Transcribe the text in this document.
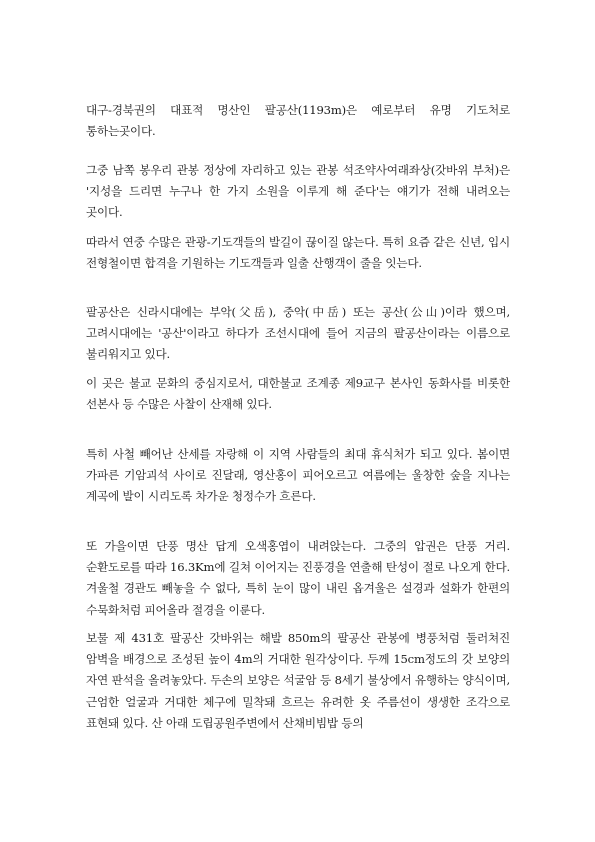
대구-경북권의 대표적 명산인 팔공산(1193m)은 예로부터 유명 기도처로 통하는곳이다.

그중 남쪽 봉우리 관봉 정상에 자리하고 있는 관봉 석조약사여래좌상(갓바위 부처)은 '지성을 드리면 누구나 한 가지 소원을 이루게 해 준다'는 얘기가 전해 내려오는 곳이다.

따라서 연중 수많은 관광-기도객들의 발길이 끊이질 않는다. 특히 요즘 같은 신년, 입시 전형철이면 합격을 기원하는 기도객들과 일출 산행객이 줄을 잇는다.

팔공산은 신라시대에는 부악(父岳), 중악(中岳) 또는 공산(公山)이라 했으며, 고려시대에는 '공산'이라고 하다가 조선시대에 들어 지금의 팔공산이라는 이름으로 불리워지고 있다.

이 곳은 불교 문화의 중심지로서, 대한불교 조계종 제9교구 본사인 동화사를 비롯한 선본사 등 수많은 사찰이 산재해 있다.

특히 사철 빼어난 산세를 자랑해 이 지역 사람들의 최대 휴식처가 되고 있다. 봄이면 가파른 기암괴석 사이로 진달래, 영산홍이 피어오르고 여름에는 울창한 숲을 지나는 계곡에 발이 시리도록 차가운 청정수가 흐른다.

또 가을이면 단풍 명산 답게 오색홍엽이 내려앉는다. 그중의 압권은 단풍 거리. 순환도로를 따라 16.3Km에 길쳐 이어지는 진풍경을 연출해 탄성이 절로 나오게 한다. 겨울철 경관도 빼놓을 수 없다, 특히 눈이 많이 내린 옵겨울은 설경과 설화가 한편의 수묵화처럼 피어올라 절경을 이룬다.

보물 제 431호 팔공산 갓바위는 해발 850m의 팔공산 관봉에 병풍처럼 둘러쳐진 암벽을 배경으로 조성된 높이 4m의 거대한 원각상이다. 두께 15cm정도의 갓 보양의 자연 판석을 올려놓았다. 두손의 보양은 석굴암 등 8세기 불상에서 유행하는 양식이며, 근엄한 얼굴과 거대한 체구에 밀착돼 흐르는 유려한 옷 주름선이 생생한 조각으로 표현돼 있다. 산 아래 도립공원주변에서 산채비빔밥 등의
